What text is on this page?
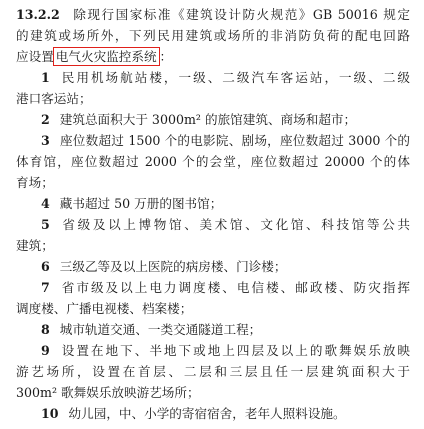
13.2.2 除现行国家标准《建筑设计防火规范》GB 50016 规定
的建筑或场所外，下列民用建筑或场所的非消防负荷的配电回路
应设置 电气火灾监控系统 ：
1 民用机场航站楼，一级、二级汽车客运站，一级、二级
港口客运站；
2 建筑总面积大于 3000m² 的旅馆建筑、商场和超市；
3 座位数超过 1500 个的电影院、剧场，座位数超过 3000 个的
体育馆，座位数超过 2000 个的会堂，座位数超过 20000 个的体
育场；
4 藏书超过 50 万册的图书馆；
5 省级及以上博物馆、美术馆、文化馆、科技馆等公共
建筑；
6 三级乙等及以上医院的病房楼、门诊楼；
7 省市级及以上电力调度楼、电信楼、邮政楼、防灾指挥
调度楼、广播电视楼、档案楼；
8 城市轨道交通、一类交通隧道工程；
9 设置在地下、半地下或地上四层及以上的歌舞娱乐放映
游艺场所，设置在首层、二层和三层且任一层建筑面积大于
300m² 歌舞娱乐放映游艺场所；
10 幼儿园，中、小学的寄宿宿舍，老年人照料设施。
